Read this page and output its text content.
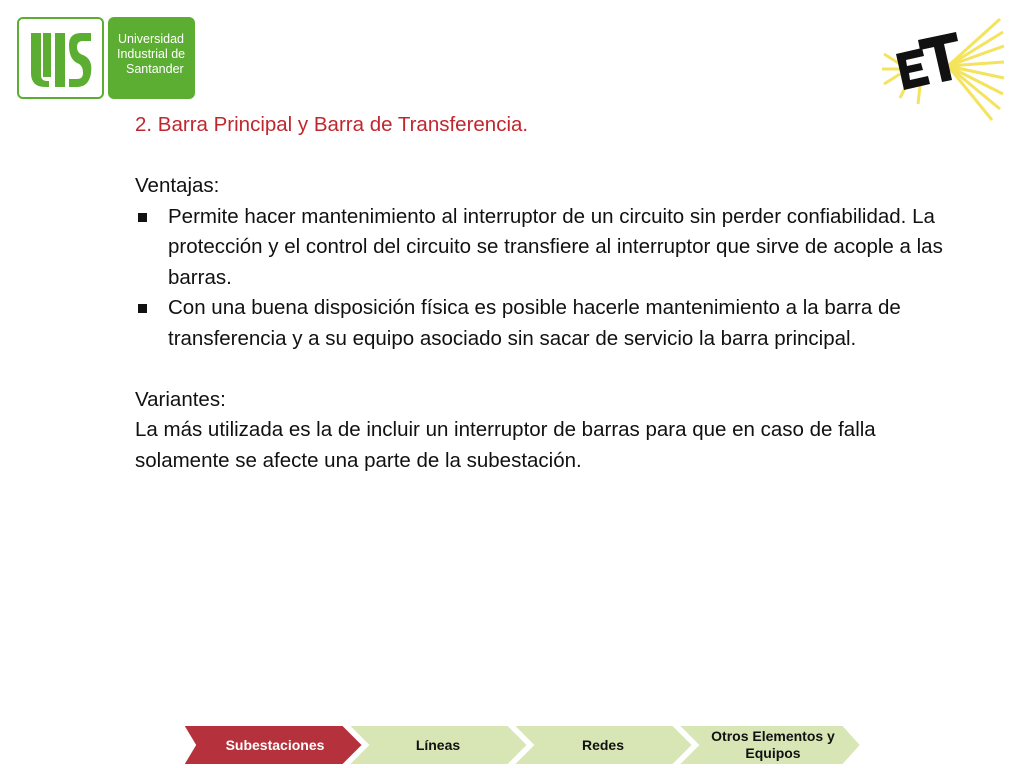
Universidad
Industrial de
Santander

2. Barra Principal y Barra de Transferencia.

Ventajas:

Permite hacer mantenimiento al interruptor de un circuito sin perder confiabilidad. La protección y el control del circuito se transfiere al interruptor que sirve de acople a las barras.
Con una buena disposición física es posible hacerle mantenimiento a la barra de transferencia y a su equipo asociado sin sacar de servicio la barra principal.

Variantes:

La más utilizada es la de incluir un interruptor de barras para que en caso de falla solamente se afecte una parte de la subestación.

Subestaciones	Líneas	Redes
Otros Elementos y Equipos
